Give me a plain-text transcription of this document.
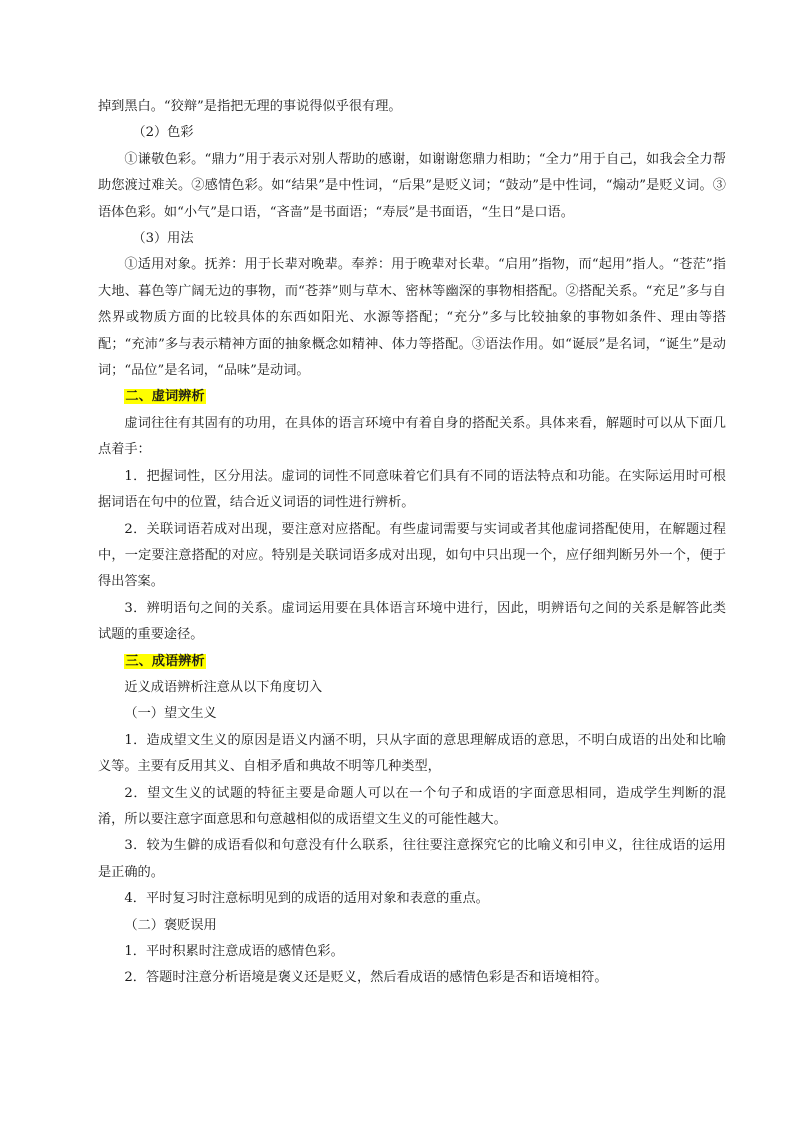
掉到黑白。“狡辩”是指把无理的事说得似乎很有理。

（2）色彩

①谦敬色彩。“鼎力”用于表示对别人帮助的感谢，如谢谢您鼎力相助；“全力”用于自己，如我会全力帮助您渡过难关。②感情色彩。如“结果”是中性词，“后果”是贬义词；“鼓动”是中性词，“煽动”是贬义词。③语体色彩。如“小气”是口语，“吝啬”是书面语；“寿辰”是书面语，“生日”是口语。

（3）用法

①适用对象。抚养：用于长辈对晚辈。奉养：用于晚辈对长辈。“启用”指物，而“起用”指人。“苍茫”指大地、暮色等广阔无边的事物，而“苍莽”则与草木、密林等幽深的事物相搭配。②搭配关系。“充足”多与自然界或物质方面的比较具体的东西如阳光、水源等搭配；“充分”多与比较抽象的事物如条件、理由等搭配；“充沛”多与表示精神方面的抽象概念如精神、体力等搭配。③语法作用。如“诞辰”是名词，“诞生”是动词；“品位”是名词，“品味”是动词。

二、虚词辨析

虚词往往有其固有的功用，在具体的语言环境中有着自身的搭配关系。具体来看，解题时可以从下面几点着手：

1．把握词性，区分用法。虚词的词性不同意味着它们具有不同的语法特点和功能。在实际运用时可根据词语在句中的位置，结合近义词语的词性进行辨析。

2．关联词语若成对出现，要注意对应搭配。有些虚词需要与实词或者其他虚词搭配使用，在解题过程中，一定要注意搭配的对应。特别是关联词语多成对出现，如句中只出现一个，应仔细判断另外一个，便于得出答案。

3．辨明语句之间的关系。虚词运用要在具体语言环境中进行，因此，明辨语句之间的关系是解答此类试题的重要途径。

三、成语辨析

近义成语辨析注意从以下角度切入

（一）望文生义

1．造成望文生义的原因是语义内涵不明，只从字面的意思理解成语的意思，不明白成语的出处和比喻义等。主要有反用其义、自相矛盾和典故不明等几种类型，

2．望文生义的试题的特征主要是命题人可以在一个句子和成语的字面意思相同，造成学生判断的混淆，所以要注意字面意思和句意越相似的成语望文生义的可能性越大。

3．较为生僻的成语看似和句意没有什么联系，往往要注意探究它的比喻义和引申义，往往成语的运用是正确的。

4．平时复习时注意标明见到的成语的适用对象和表意的重点。

（二）褒贬误用

1．平时积累时注意成语的感情色彩。

2．答题时注意分析语境是褒义还是贬义，然后看成语的感情色彩是否和语境相符。
